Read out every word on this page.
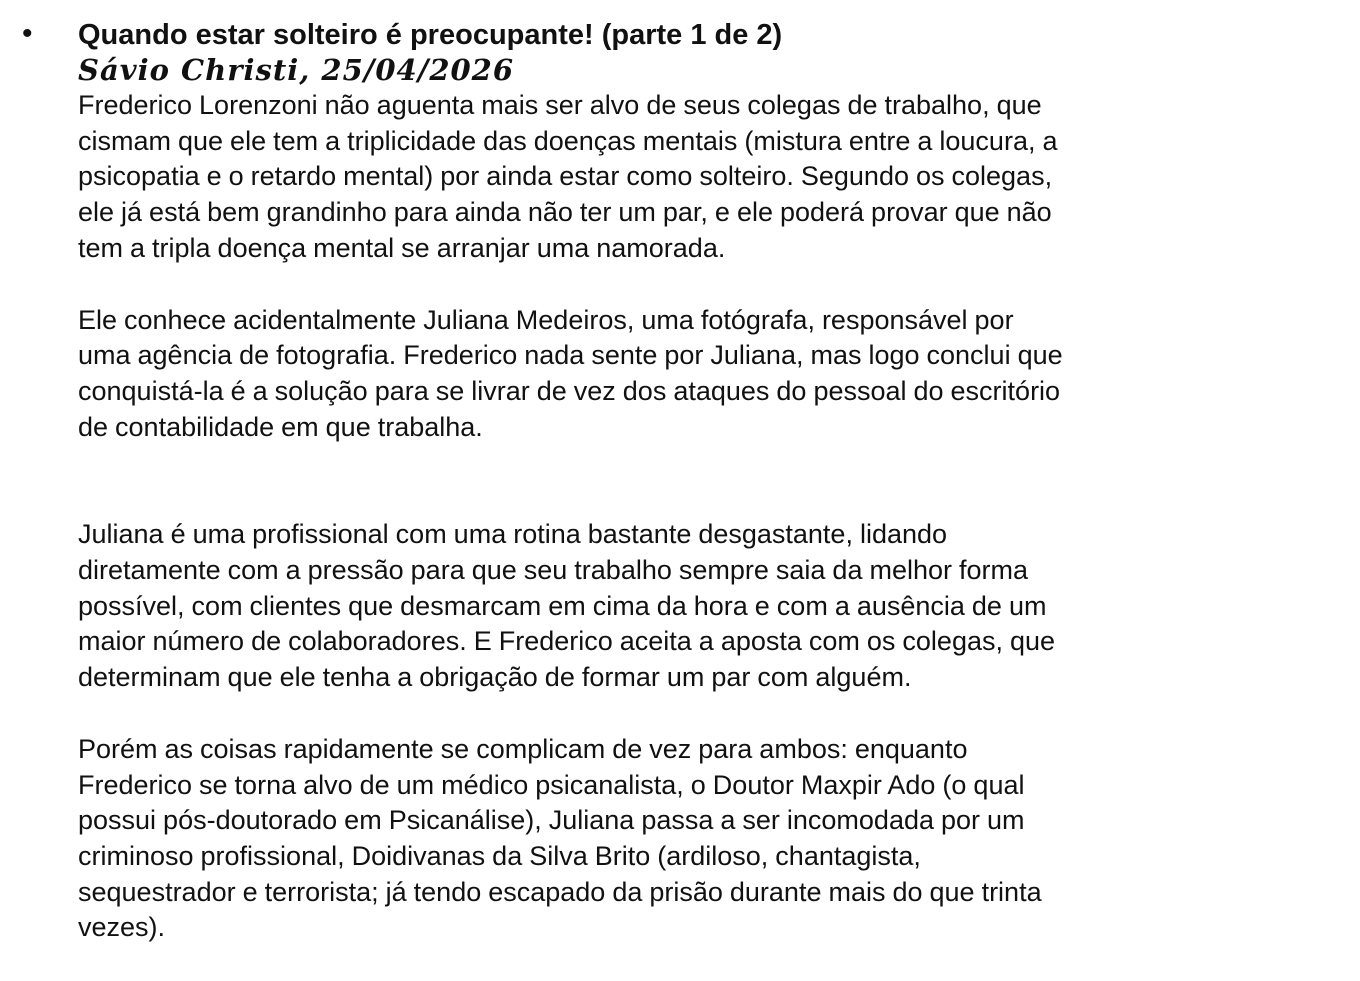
• Quando estar solteiro é preocupante! (parte 1 de 2)

Sávio Christi, 25/04/2026

Frederico Lorenzoni não aguenta mais ser alvo de seus colegas de trabalho, que
cismam que ele tem a triplicidade das doenças mentais (mistura entre a loucura, a
psicopatia e o retardo mental) por ainda estar como solteiro. Segundo os colegas,
ele já está bem grandinho para ainda não ter um par, e ele poderá provar que não
tem a tripla doença mental se arranjar uma namorada.

Ele conhece acidentalmente Juliana Medeiros, uma fotógrafa, responsável por
uma agência de fotografia. Frederico nada sente por Juliana, mas logo conclui que
conquistá-la é a solução para se livrar de vez dos ataques do pessoal do escritório
de contabilidade em que trabalha.

Juliana é uma profissional com uma rotina bastante desgastante, lidando
diretamente com a pressão para que seu trabalho sempre saia da melhor forma
possível, com clientes que desmarcam em cima da hora e com a ausência de um
maior número de colaboradores. E Frederico aceita a aposta com os colegas, que
determinam que ele tenha a obrigação de formar um par com alguém.

Porém as coisas rapidamente se complicam de vez para ambos: enquanto
Frederico se torna alvo de um médico psicanalista, o Doutor Maxpir Ado (o qual
possui pós-doutorado em Psicanálise), Juliana passa a ser incomodada por um
criminoso profissional, Doidivanas da Silva Brito (ardiloso, chantagista,
sequestrador e terrorista; já tendo escapado da prisão durante mais do que trinta
vezes).
